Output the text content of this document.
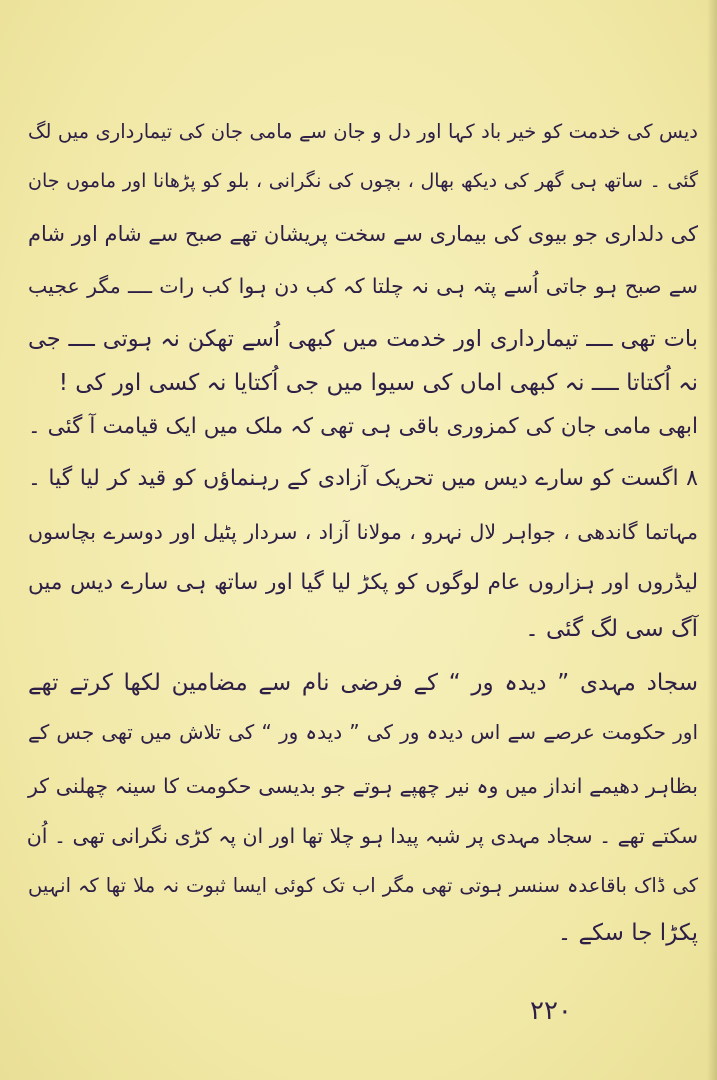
دیس کی خدمت کو خیر باد کہا اور دل و جان سے مامی جان کی تیمارداری میں لگ
گئی ۔ ساتھ ہی گھر کی دیکھ بھال ، بچوں کی نگرانی ، بلو کو پڑھانا اور ماموں جان
کی دلداری جو بیوی کی بیماری سے سخت پریشان تھے صبح سے شام اور شام
سے صبح ہو جاتی اُسے پتہ ہی نہ چلتا کہ کب دن ہوا کب رات ــــ مگر عجیب
بات تھی ــــ تیمارداری اور خدمت میں کبھی اُسے تھکن نہ ہوتی ــــ جی
نہ اُکتاتا ــــ نہ کبھی اماں کی سیوا میں جی اُکتایا نہ کسی اور کی !
ابھی مامی جان کی کمزوری باقی ہی تھی کہ ملک میں ایک قیامت آ گئی ۔
۸ اگست کو سارے دیس میں تحریک آزادی کے رہنماؤں کو قید کر لیا گیا ۔
مہاتما گاندھی ، جواہر لال نہرو ، مولانا آزاد ، سردار پٹیل اور دوسرے بچاسوں
لیڈروں اور ہزاروں عام لوگوں کو پکڑ لیا گیا اور ساتھ ہی سارے دیس میں
آگ سی لگ گئی ۔
سجاد مہدی ” دیدہ ور “ کے فرضی نام سے مضامین لکھا کرتے تھے
اور حکومت عرصے سے اس دیدہ ور کی ” دیدہ ور “ کی تلاش میں تھی جس کے
بظاہر دھیمے انداز میں وہ نیر چھپے ہوتے جو بدیسی حکومت کا سینہ چھلنی کر
سکتے تھے ۔ سجاد مہدی پر شبہ پیدا ہو چلا تھا اور ان پہ کڑی نگرانی تھی ۔ اُن
کی ڈاک باقاعدہ سنسر ہوتی تھی مگر اب تک کوئی ایسا ثبوت نہ ملا تھا کہ انہیں
پکڑا جا سکے ۔
۲۲۰
